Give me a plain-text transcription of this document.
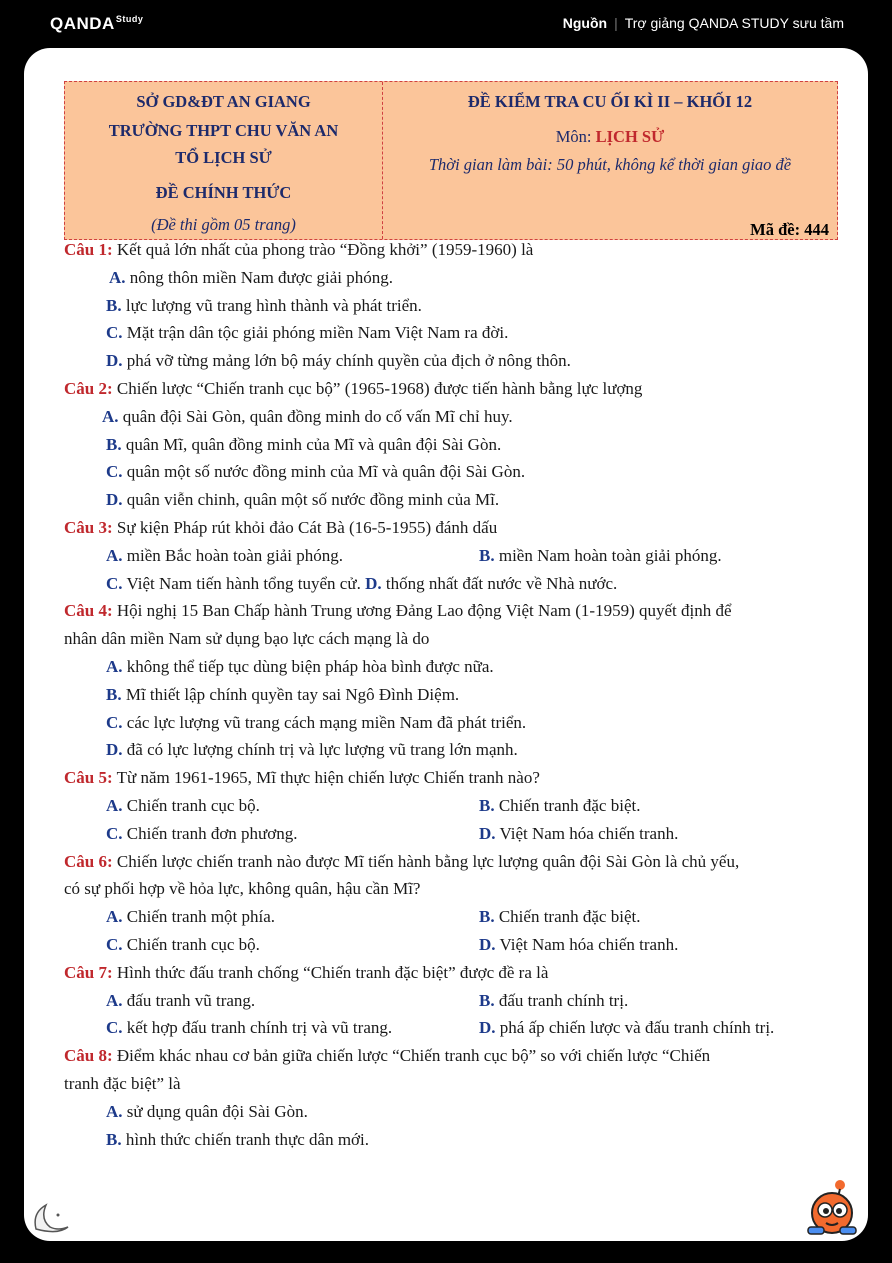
$QANDA^{Study}$	Nguồn | Trợ giảng QANDA STUDY sưu tầm
SỞ GD&ĐT AN GIANG
TRƯỜNG THPT CHU VĂN AN
TỔ LỊCH SỬ
ĐỀ CHÍNH THỨC
(Đề thi gồm 05 trang)
ĐỀ KIỂM TRA CU ỐI KÌ II – KHỐI 12
Môn: LỊCH SỬ
Thời gian làm bài: 50 phút, không kể thời gian giao đề
Mã đề: 444
Câu 1: Kết quả lớn nhất của phong trào “Đồng khởi” (1959-1960) là
A. nông thôn miền Nam được giải phóng.
B. lực lượng vũ trang hình thành và phát triển.
C. Mặt trận dân tộc giải phóng miền Nam Việt Nam ra đời.
D. phá vỡ từng mảng lớn bộ máy chính quyền của địch ở nông thôn.
Câu 2: Chiến lược “Chiến tranh cục bộ” (1965-1968) được tiến hành bằng lực lượng
A. quân đội Sài Gòn, quân đồng minh do cố vấn Mĩ chỉ huy.
B. quân Mĩ, quân đồng minh của Mĩ và quân đội Sài Gòn.
C. quân một số nước đồng minh của Mĩ và quân đội Sài Gòn.
D. quân viễn chinh, quân một số nước đồng minh của Mĩ.
Câu 3: Sự kiện Pháp rút khỏi đảo Cát Bà (16-5-1955) đánh dấu
A. miền Bắc hoàn toàn giải phóng.	B. miền Nam hoàn toàn giải phóng.
C. Việt Nam tiến hành tổng tuyển cử. D. thống nhất đất nước về Nhà nước.
Câu 4: Hội nghị 15 Ban Chấp hành Trung ương Đảng Lao động Việt Nam (1-1959) quyết định để
nhân dân miền Nam sử dụng bạo lực cách mạng là do
A. không thể tiếp tục dùng biện pháp hòa bình được nữa.
B. Mĩ thiết lập chính quyền tay sai Ngô Đình Diệm.
C. các lực lượng vũ trang cách mạng miền Nam đã phát triển.
D. đã có lực lượng chính trị và lực lượng vũ trang lớn mạnh.
Câu 5: Từ năm 1961-1965, Mĩ thực hiện chiến lược Chiến tranh nào?
A. Chiến tranh cục bộ.	B. Chiến tranh đặc biệt.
C. Chiến tranh đơn phương.	D. Việt Nam hóa chiến tranh.
Câu 6: Chiến lược chiến tranh nào được Mĩ tiến hành bằng lực lượng quân đội Sài Gòn là chủ yếu,
có sự phối hợp về hỏa lực, không quân, hậu cần Mĩ?
A. Chiến tranh một phía.	B. Chiến tranh đặc biệt.
C. Chiến tranh cục bộ.	D. Việt Nam hóa chiến tranh.
Câu 7: Hình thức đấu tranh chống “Chiến tranh đặc biệt” được đề ra là
A. đấu tranh vũ trang.	B. đấu tranh chính trị.
C. kết hợp đấu tranh chính trị và vũ trang.	D. phá ấp chiến lược và đấu tranh chính trị.
Câu 8: Điểm khác nhau cơ bản giữa chiến lược “Chiến tranh cục bộ” so với chiến lược “Chiến
tranh đặc biệt” là
A. sử dụng quân đội Sài Gòn.
B. hình thức chiến tranh thực dân mới.
